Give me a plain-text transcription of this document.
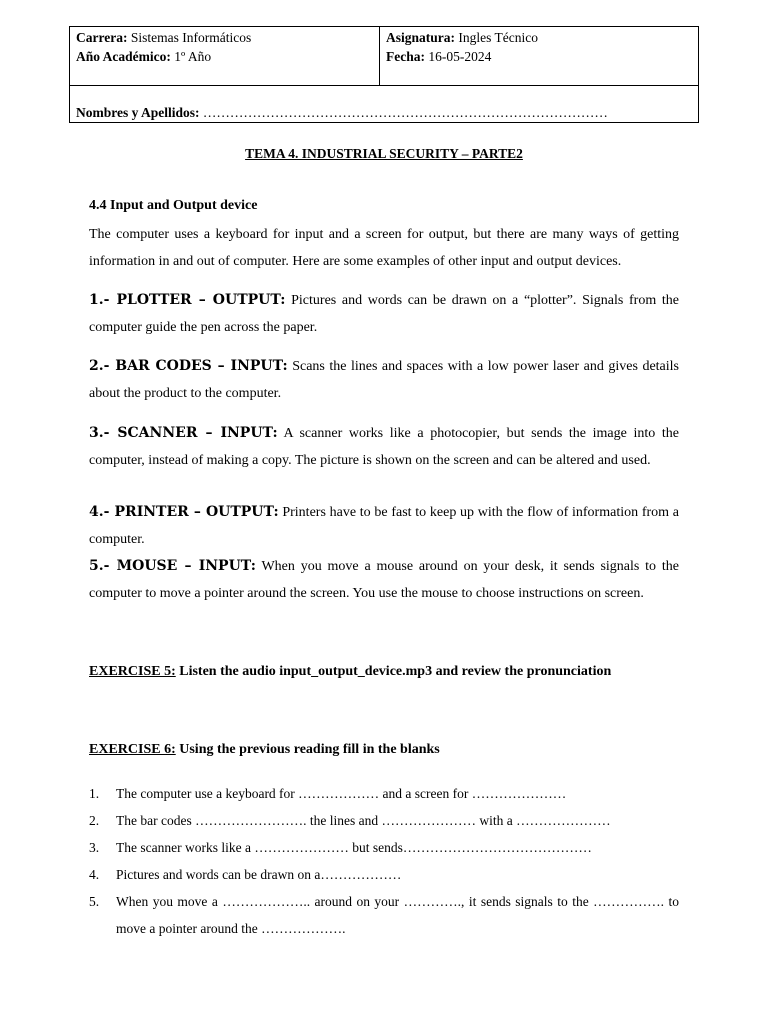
Carrera: Sistemas Informáticos
Año Académico: 1º Año
Asignatura: Ingles Técnico
Fecha: 16-05-2024
Nombres y Apellidos: ………………………………………………………………………………
TEMA 4. INDUSTRIAL SECURITY – PARTE2
4.4 Input and Output device
The computer uses a keyboard for input and a screen for output, but there are many ways of getting information in and out of computer. Here are some examples of other input and output devices.
1.- PLOTTER – OUTPUT: Pictures and words can be drawn on a “plotter”. Signals from the computer guide the pen across the paper.
2.- BAR CODES – INPUT: Scans the lines and spaces with a low power laser and gives details about the product to the computer.
3.- SCANNER – INPUT: A scanner works like a photocopier, but sends the image into the computer, instead of making a copy. The picture is shown on the screen and can be altered and used.
4.- PRINTER – OUTPUT: Printers have to be fast to keep up with the flow of information from a computer.
5.- MOUSE – INPUT: When you move a mouse around on your desk, it sends signals to the computer to move a pointer around the screen. You use the mouse to choose instructions on screen.
EXERCISE 5: Listen the audio input_output_device.mp3 and review the pronunciation
EXERCISE 6: Using the previous reading fill in the blanks
1.	The computer use a keyboard for ……………… and a screen for …………………
2.	The bar codes ……………………. the lines and ………………… with a …………………
3.	The scanner works like a ………………… but sends……………………………………
4.	Pictures and words can be drawn on a………………
5.	When you move a ……………….. around on your …………., it sends signals to the ……………. to move a pointer around the ……………….
